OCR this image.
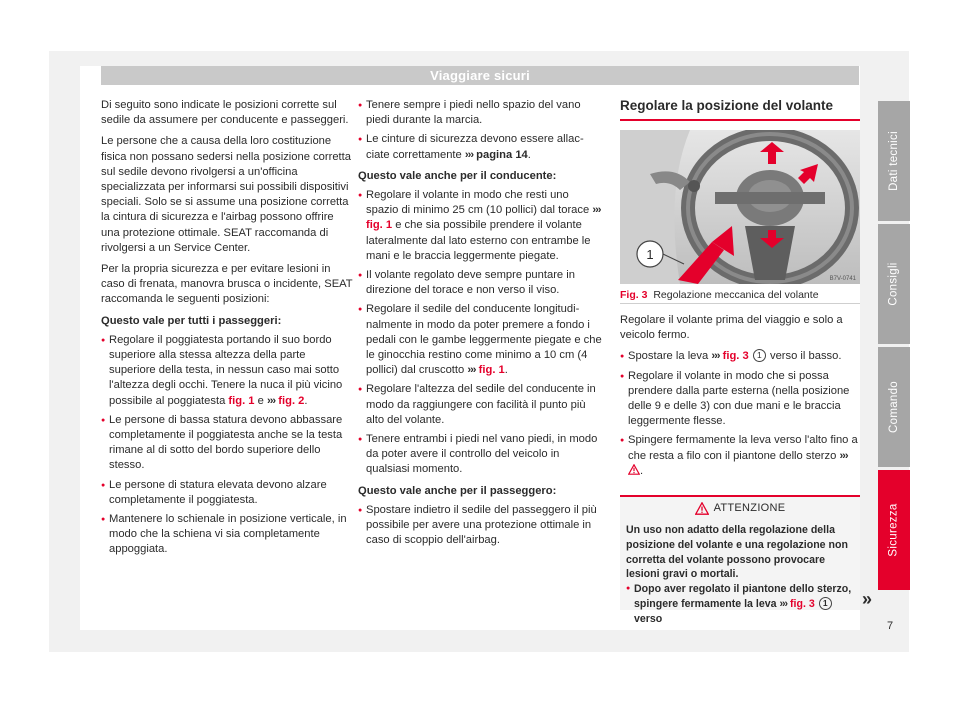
Viaggiare sicuri

Di seguito sono indicate le posizioni corrette sul sedile da assumere per conducente e passeggeri.

Le persone che a causa della loro costituzione fisica non possano sedersi nella posizione corretta sul sedile devono rivolgersi a un'officina specializzata per informarsi sui possibili dispositivi speciali. Solo se si assume una posizione corretta la cintura di sicurezza e l'airbag possono offrire una protezione ottimale. SEAT raccomanda di rivolgersi a un Service Center.

Per la propria sicurezza e per evitare lesioni in caso di frenata, manovra brusca o incidente, SEAT raccomanda le seguenti posizioni:

Questo vale per tutti i passeggeri:
● Regolare il poggiatesta portando il suo bordo superiore alla stessa altezza della parte superiore della testa, in nessun caso mai sotto l'altezza degli occhi. Tenere la nuca il più vicino possibile al poggiatesta fig. 1 e ››› fig. 2.
● Le persone di bassa statura devono abbassare completamente il poggiatesta anche se la testa rimane al di sotto del bordo superiore dello stesso.
● Le persone di statura elevata devono alzare completamente il poggiatesta.
● Mantenere lo schienale in posizione verticale, in modo che la schiena vi sia completamente appoggiata.
● Tenere sempre i piedi nello spazio del vano piedi durante la marcia.
● Le cinture di sicurezza devono essere allacciate correttamente ››› pagina 14.
Questo vale anche per il conducente:
● Regolare il volante in modo che resti uno spazio di minimo 25 cm (10 pollici) dal torace ››› fig. 1 e che sia possibile prendere il volante lateralmente dal lato esterno con entrambe le mani e le braccia leggermente piegate.
● Il volante regolato deve sempre puntare in direzione del torace e non verso il viso.
● Regolare il sedile del conducente longitudinalmente in modo da poter premere a fondo i pedali con le gambe leggermente piegate e che le ginocchia restino come minimo a 10 cm (4 pollici) dal cruscotto ››› fig. 1.
● Regolare l'altezza del sedile del conducente in modo da raggiungere con facilità il punto più alto del volante.
● Tenere entrambi i piedi nel vano piedi, in modo da poter avere il controllo del veicolo in qualsiasi momento.
Questo vale anche per il passeggero:
● Spostare indietro il sedile del passeggero il più possibile per avere una protezione ottimale in caso di scoppio dell'airbag.
Regolare la posizione del volante
1
B7V-0741
Fig. 3 Regolazione meccanica del volante

Regolare il volante prima del viaggio e solo a veicolo fermo.

● Spostare la leva ››› fig. 3 1 verso il basso.
● Regolare il volante in modo che si possa prendere dalla parte esterna (nella posizione delle 9 e delle 3) con due mani e le braccia leggermente flesse.
● Spingere fermamente la leva verso l'alto fino a che resta a filo con il piantone dello sterzo ››› .
ATTENZIONE
Un uso non adatto della regolazione della posizione del volante e una regolazione non corretta del volante possono provocare lesioni gravi o mortali.
● Dopo aver regolato il piantone dello sterzo, spingere fermamente la leva ››› fig. 3 1 verso
»
Dati tecnici
Consigli
Comando
Sicurezza
7
